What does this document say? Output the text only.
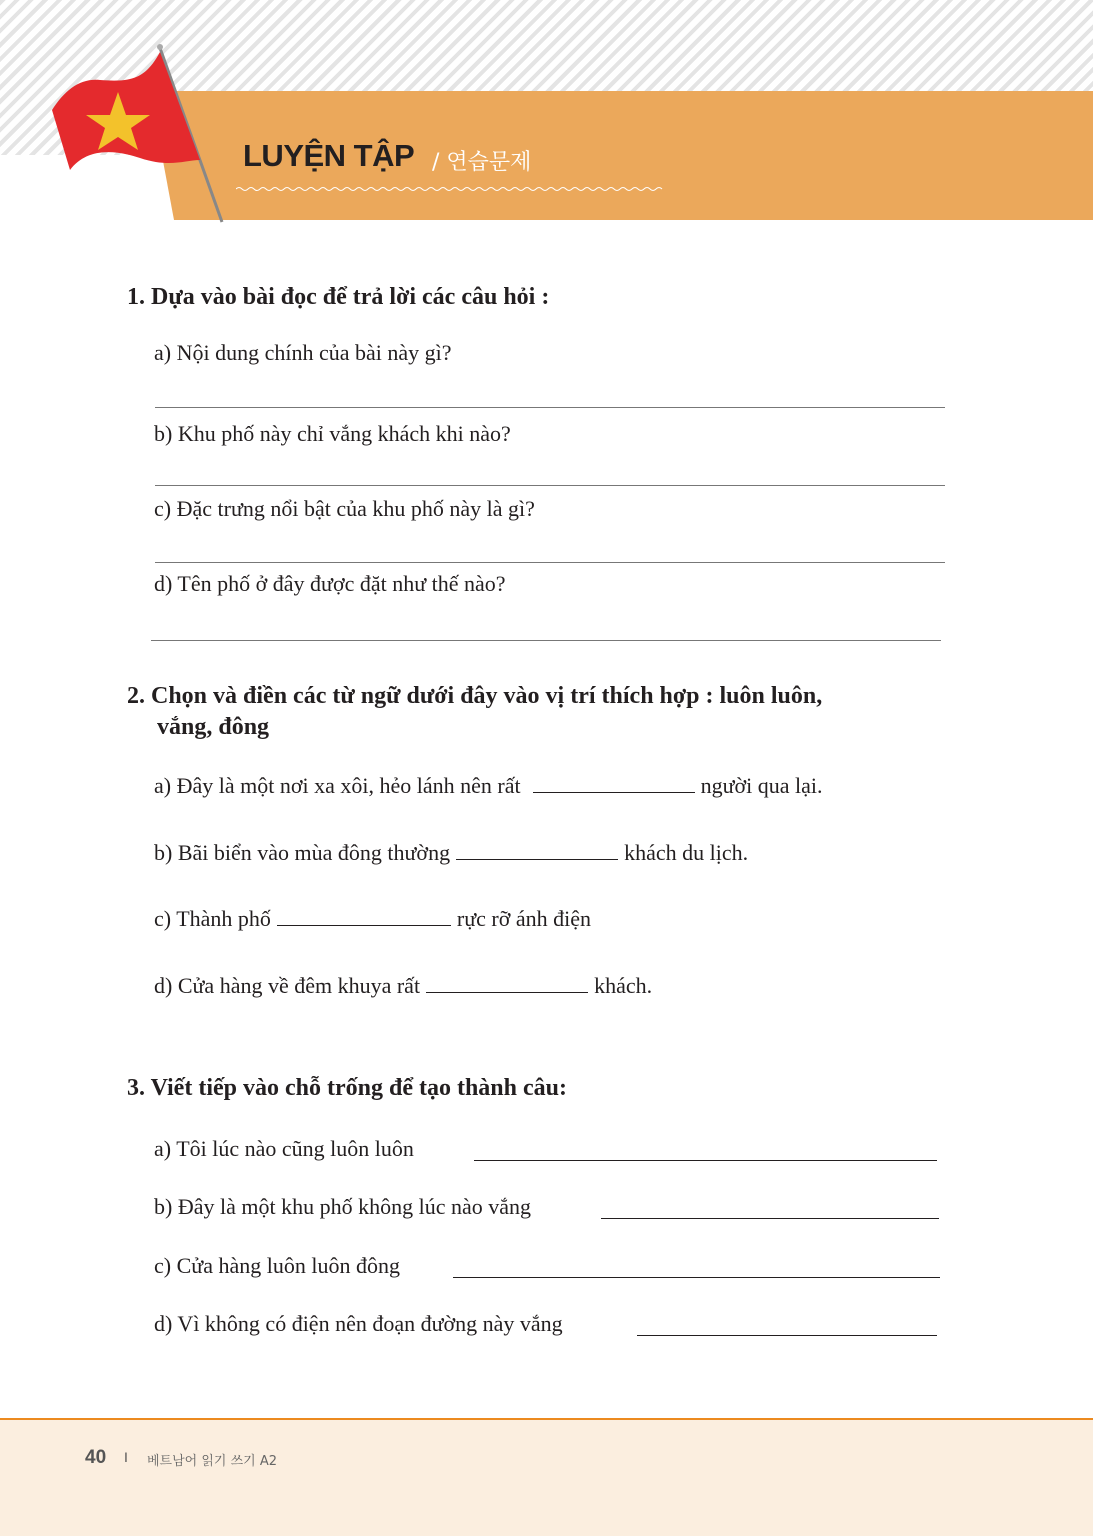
LUYỆN TẬP / 연습문제
1. Dựa vào bài đọc để trả lời các câu hỏi :
a) Nội dung chính của bài này gì?
b) Khu phố này chỉ vắng khách khi nào?
c) Đặc trưng nổi bật của khu phố này là gì?
d) Tên phố ở đây được đặt như thế nào?
2. Chọn và điền các từ ngữ dưới đây vào vị trí thích hợp : luôn luôn,
vắng, đông
a) Đây là một nơi xa xôi, hẻo lánh nên rất	người qua lại.
b) Bãi biển vào mùa đông thường	khách du lịch.
c) Thành phố	rực rỡ ánh điện
d) Cửa hàng về đêm khuya rất	khách.
3. Viết tiếp vào chỗ trống để tạo thành câu:
a) Tôi lúc nào cũng luôn luôn
b) Đây là một khu phố không lúc nào vắng
c) Cửa hàng luôn luôn đông
d) Vì không có điện nên đoạn đường này vắng
40 I 베트남어 읽기 쓰기 A2
